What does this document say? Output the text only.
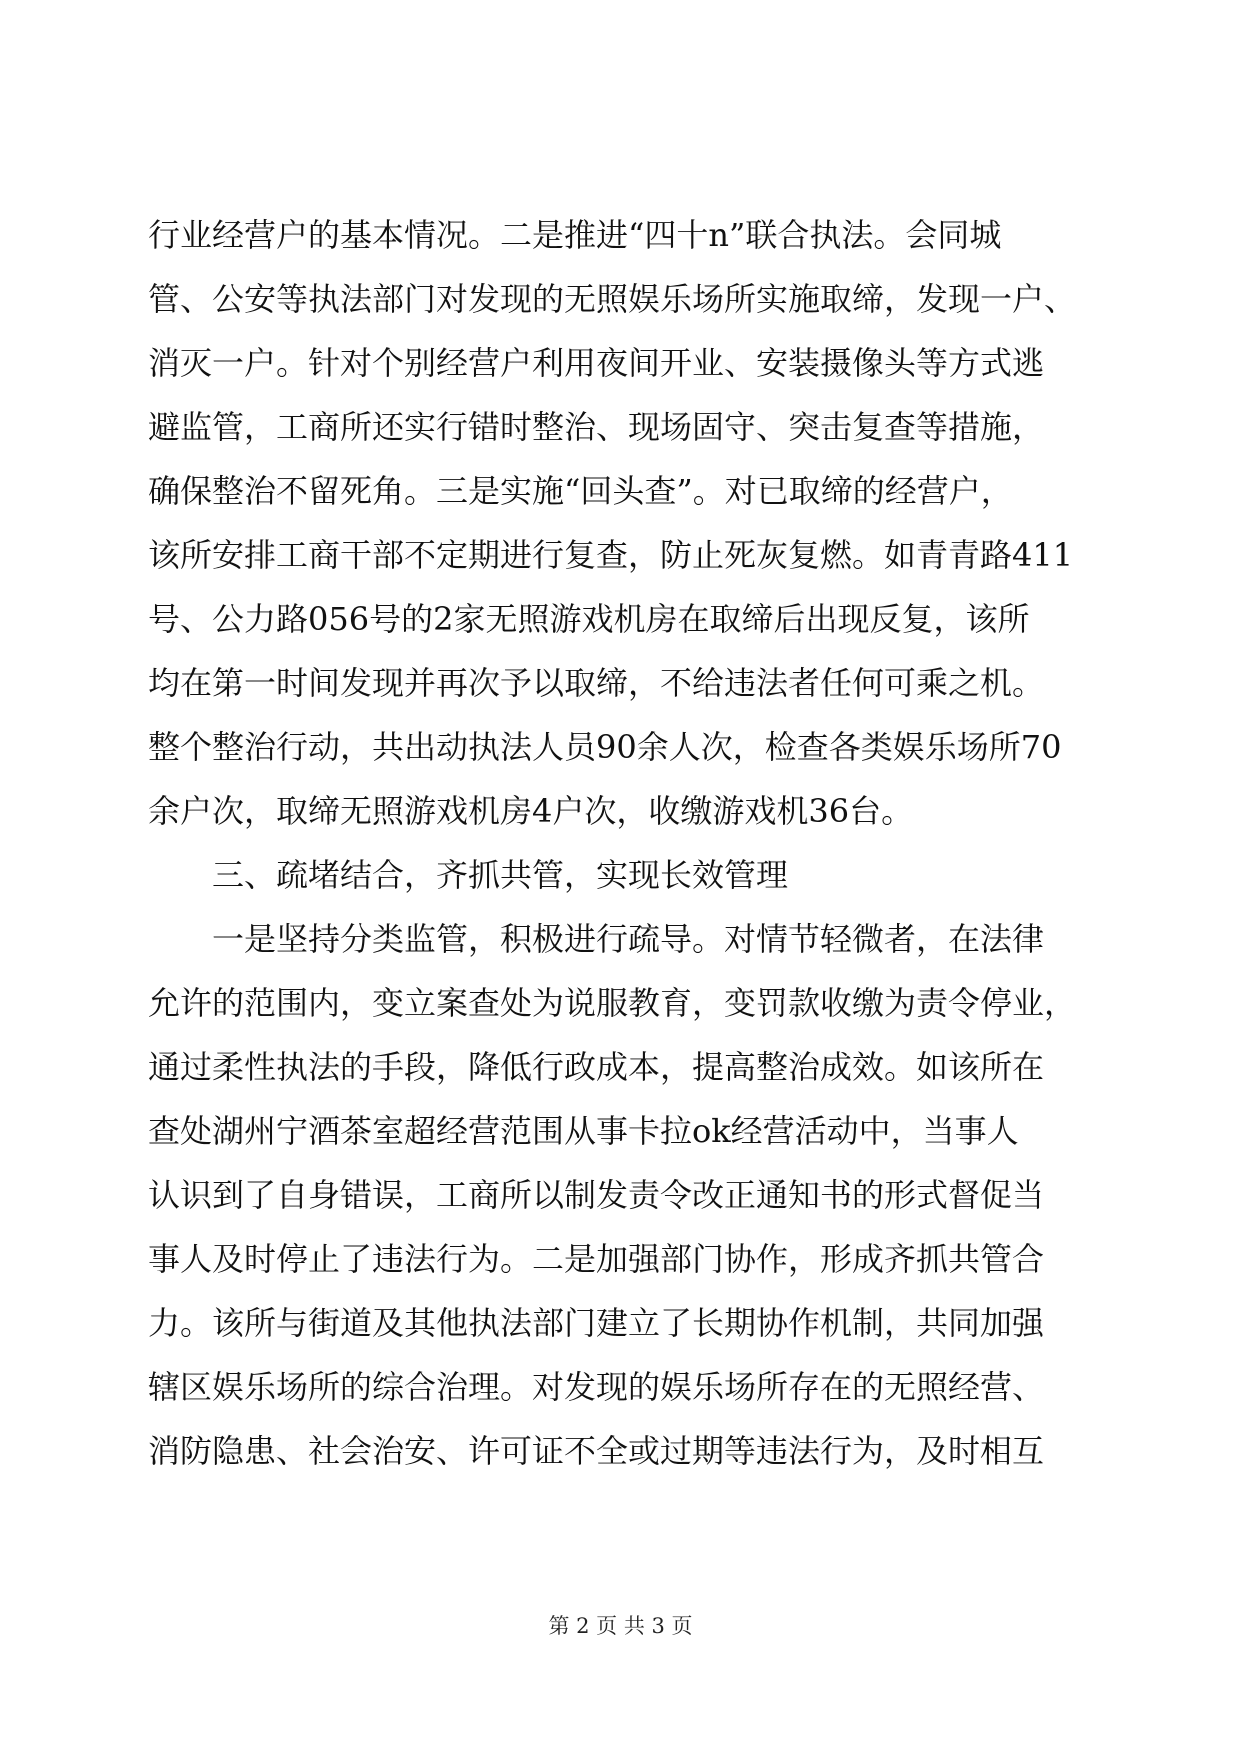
行业经营户的基本情况。二是推进“四十n”联合执法。会同城
管、公安等执法部门对发现的无照娱乐场所实施取缔，发现一户、
消灭一户。针对个别经营户利用夜间开业、安装摄像头等方式逃
避监管，工商所还实行错时整治、现场固守、突击复查等措施，
确保整治不留死角。三是实施“回头查”。对已取缔的经营户，
该所安排工商干部不定期进行复查，防止死灰复燃。如青青路411
号、公力路056号的2家无照游戏机房在取缔后出现反复，该所
均在第一时间发现并再次予以取缔，不给违法者任何可乘之机。
整个整治行动，共出动执法人员90余人次，检查各类娱乐场所70
余户次，取缔无照游戏机房4户次，收缴游戏机36台。
　　三、疏堵结合，齐抓共管，实现长效管理
　　一是坚持分类监管，积极进行疏导。对情节轻微者，在法律
允许的范围内，变立案查处为说服教育，变罚款收缴为责令停业，
通过柔性执法的手段，降低行政成本，提高整治成效。如该所在
查处湖州宁酒茶室超经营范围从事卡拉ok经营活动中，当事人
认识到了自身错误，工商所以制发责令改正通知书的形式督促当
事人及时停止了违法行为。二是加强部门协作，形成齐抓共管合
力。该所与街道及其他执法部门建立了长期协作机制，共同加强
辖区娱乐场所的综合治理。对发现的娱乐场所存在的无照经营、
消防隐患、社会治安、许可证不全或过期等违法行为，及时相互
第 2 页 共 3 页
